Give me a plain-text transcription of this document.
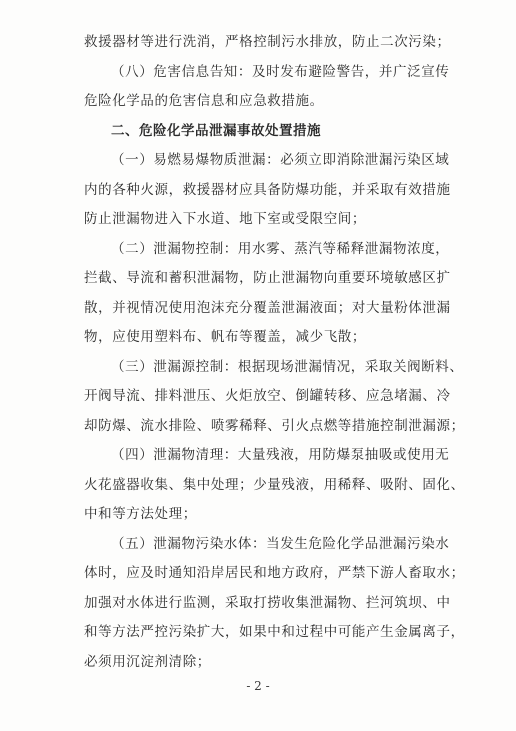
救援器材等进行洗消，严格控制污水排放，防止二次污染；
（八）危害信息告知：及时发布避险警告，并广泛宣传
危险化学品的危害信息和应急救措施。
二、危险化学品泄漏事故处置措施
（一）易燃易爆物质泄漏：必须立即消除泄漏污染区域
内的各种火源，救援器材应具备防爆功能，并采取有效措施
防止泄漏物进入下水道、地下室或受限空间；
（二）泄漏物控制：用水雾、蒸汽等稀释泄漏物浓度，
拦截、导流和蓄积泄漏物，防止泄漏物向重要环境敏感区扩
散，并视情况使用泡沫充分覆盖泄漏液面；对大量粉体泄漏
物，应使用塑料布、帆布等覆盖，减少飞散；
（三）泄漏源控制：根据现场泄漏情况，采取关阀断料、
开阀导流、排料泄压、火炬放空、倒罐转移、应急堵漏、冷
却防爆、流水排险、喷雾稀释、引火点燃等措施控制泄漏源；
（四）泄漏物清理：大量残液，用防爆泵抽吸或使用无
火花盛器收集、集中处理；少量残液，用稀释、吸附、固化、
中和等方法处理；
（五）泄漏物污染水体：当发生危险化学品泄漏污染水
体时，应及时通知沿岸居民和地方政府，严禁下游人畜取水；
加强对水体进行监测，采取打捞收集泄漏物、拦河筑坝、中
和等方法严控污染扩大，如果中和过程中可能产生金属离子，
必须用沉淀剂清除；
- 2 -
